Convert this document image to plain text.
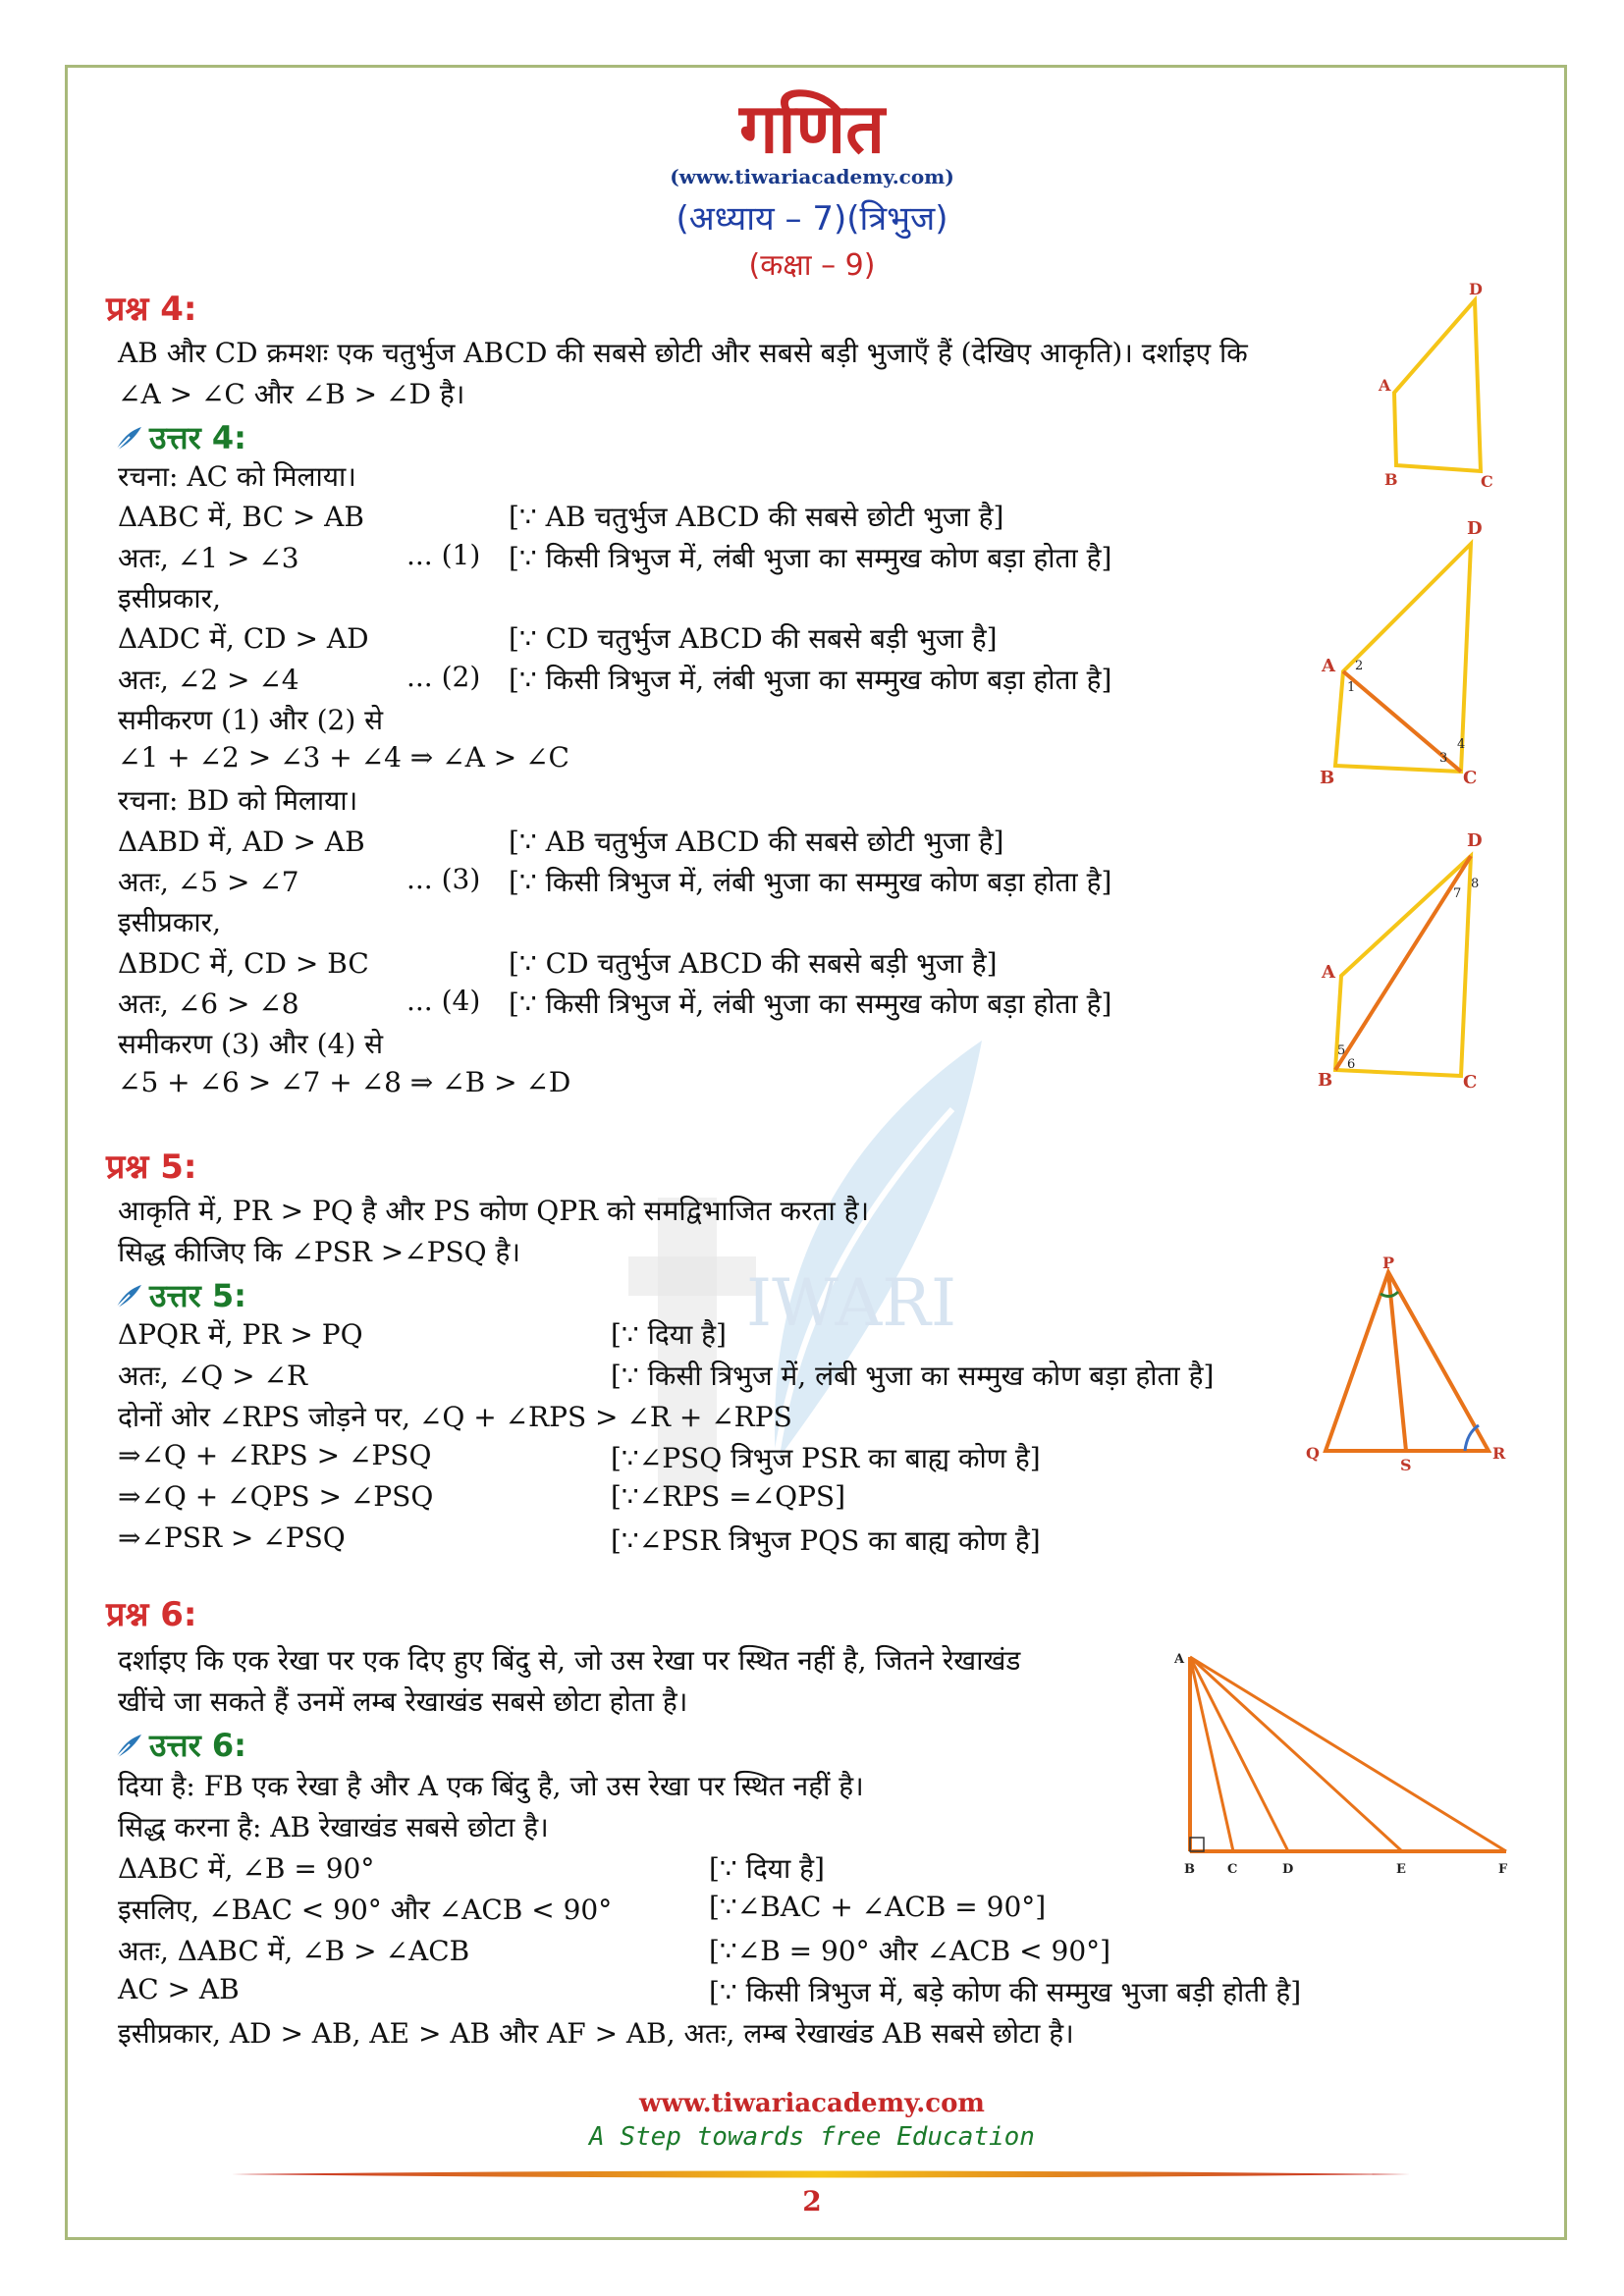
गणित
(www.tiwariacademy.com)
(अध्याय – 7)(त्रिभुज)
(कक्षा – 9)
IWARI
प्रश्न 4:
AB और CD क्रमशः एक चतुर्भुज ABCD की सबसे छोटी और सबसे बड़ी भुजाएँ हैं (देखिए आकृति)। दर्शाइए कि
∠A > ∠C और ∠B > ∠D है।
उत्तर 4:
रचना: AC को मिलाया।
ΔABC में, BC > AB	[∵ AB चतुर्भुज ABCD की सबसे छोटी भुजा है]
अतः, ∠1 > ∠3	... (1) [∵ किसी त्रिभुज में, लंबी भुजा का सम्मुख कोण बड़ा होता है]
इसीप्रकार,
ΔADC में, CD > AD	[∵ CD चतुर्भुज ABCD की सबसे बड़ी भुजा है]
अतः, ∠2 > ∠4	... (2) [∵ किसी त्रिभुज में, लंबी भुजा का सम्मुख कोण बड़ा होता है]
समीकरण (1) और (2) से
∠1 + ∠2 > ∠3 + ∠4 ⇒ ∠A > ∠C
रचना: BD को मिलाया।
ΔABD में, AD > AB	[∵ AB चतुर्भुज ABCD की सबसे छोटी भुजा है]
अतः, ∠5 > ∠7	... (3) [∵ किसी त्रिभुज में, लंबी भुजा का सम्मुख कोण बड़ा होता है]
इसीप्रकार,
ΔBDC में, CD > BC	[∵ CD चतुर्भुज ABCD की सबसे बड़ी भुजा है]
अतः, ∠6 > ∠8	... (4) [∵ किसी त्रिभुज में, लंबी भुजा का सम्मुख कोण बड़ा होता है]
समीकरण (3) और (4) से
∠5 + ∠6 > ∠7 + ∠8 ⇒ ∠B > ∠D
प्रश्न 5:
आकृति में, PR > PQ है और PS कोण QPR को समद्विभाजित करता है।
सिद्ध कीजिए कि ∠PSR >∠PSQ है।
उत्तर 5:
ΔPQR में, PR > PQ	[∵ दिया है]
अतः, ∠Q > ∠R	[∵ किसी त्रिभुज में, लंबी भुजा का सम्मुख कोण बड़ा होता है]
दोनों ओर ∠RPS जोड़ने पर, ∠Q + ∠RPS > ∠R + ∠RPS
⇒∠Q + ∠RPS > ∠PSQ	[∵∠PSQ त्रिभुज PSR का बाह्य कोण है]
⇒∠Q + ∠QPS > ∠PSQ	[∵∠RPS =∠QPS]
⇒∠PSR > ∠PSQ	[∵∠PSR त्रिभुज PQS का बाह्य कोण है]
प्रश्न 6:
दर्शाइए कि एक रेखा पर एक दिए हुए बिंदु से, जो उस रेखा पर स्थित नहीं है, जितने रेखाखंड
खींचे जा सकते हैं उनमें लम्ब रेखाखंड सबसे छोटा होता है।
उत्तर 6:
दिया है: FB एक रेखा है और A एक बिंदु है, जो उस रेखा पर स्थित नहीं है।
सिद्ध करना है: AB रेखाखंड सबसे छोटा है।
ΔABC में, ∠B = 90°	[∵ दिया है]
इसलिए, ∠BAC < 90° और ∠ACB < 90°	[∵∠BAC + ∠ACB = 90°]
अतः, ΔABC में, ∠B > ∠ACB	[∵∠B = 90° और ∠ACB < 90°]
AC > AB	[∵ किसी त्रिभुज में, बड़े कोण की सम्मुख भुजा बड़ी होती है]
इसीप्रकार, AD > AB, AE > AB और AF > AB, अतः, लम्ब रेखाखंड AB सबसे छोटा है।
D
A
B	C
D
A
B	C
1
2
3
4
D
A
B	C
5
6
7
8
P
Q
S
R
A
B	C	D	E	F
www.tiwariacademy.com
A Step towards free Education
2
